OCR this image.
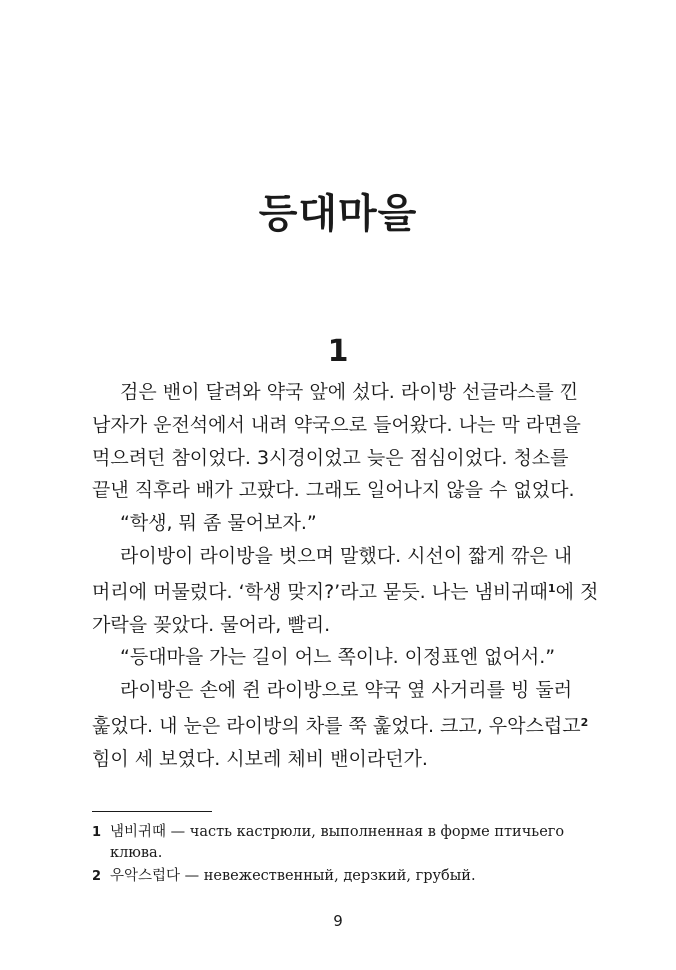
등대마을
1
검은 밴이 달려와 약국 앞에 섰다. 라이방 선글라스를 낀
남자가 운전석에서 내려 약국으로 들어왔다. 나는 막 라면을
먹으려던 참이었다. 3시경이었고 늦은 점심이었다. 청소를
끝낸 직후라 배가 고팠다. 그래도 일어나지 않을 수 없었다.
“학생, 뭐 좀 물어보자.”
라이방이 라이방을 벗으며 말했다. 시선이 짧게 깎은 내
머리에 머물렀다. ‘학생 맞지?’라고 묻듯. 나는 냄비귀때$^1$에 젓
가락을 꽂았다. 물어라, 빨리.
“등대마을 가는 길이 어느 쪽이냐. 이정표엔 없어서.”
라이방은 손에 쥔 라이방으로 약국 옆 사거리를 빙 둘러
훑었다. 내 눈은 라이방의 차를 쭉 훑었다. 크고, 우악스럽고$^2$
힘이 세 보였다. 시보레 체비 밴이라던가.
1 냄비귀때 — часть кастрюли, выполненная в форме птичьего
клюва.
2 우악스럽다 — невежественный, дерзкий, грубый.
9
